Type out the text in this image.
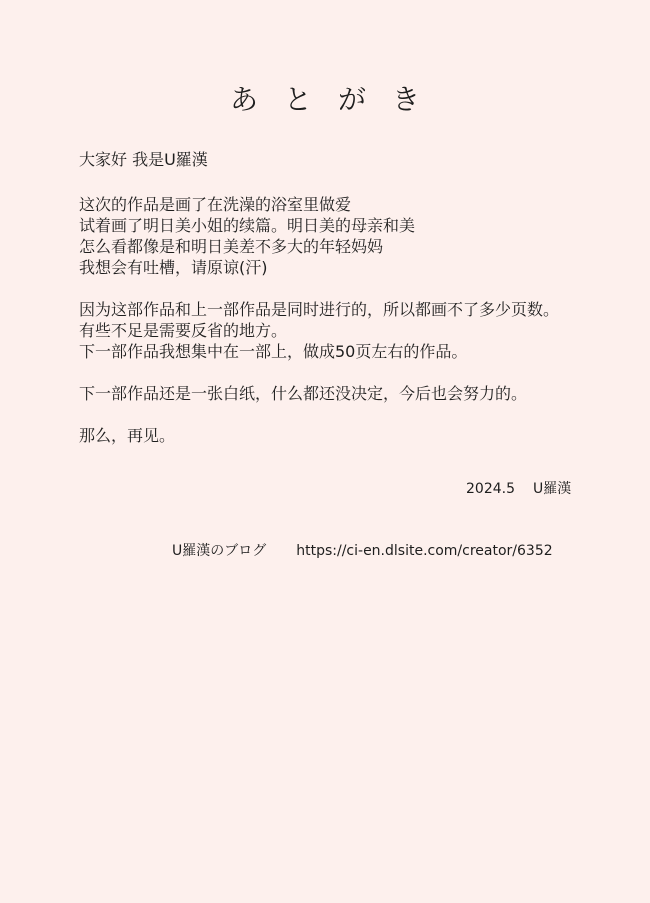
あ と が き
大家好 我是U羅漢
这次的作品是画了在洗澡的浴室里做爱
试着画了明日美小姐的续篇。明日美的母亲和美
怎么看都像是和明日美差不多大的年轻妈妈
我想会有吐槽，请原谅(汗)
因为这部作品和上一部作品是同时进行的，所以都画不了多少页数。
有些不足是需要反省的地方。
下一部作品我想集中在一部上，做成50页左右的作品。
下一部作品还是一张白纸，什么都还没决定，今后也会努力的。
那么，再见。
2024.5 U羅漢
U羅漢のブログ https://ci-en.dlsite.com/creator/6352
